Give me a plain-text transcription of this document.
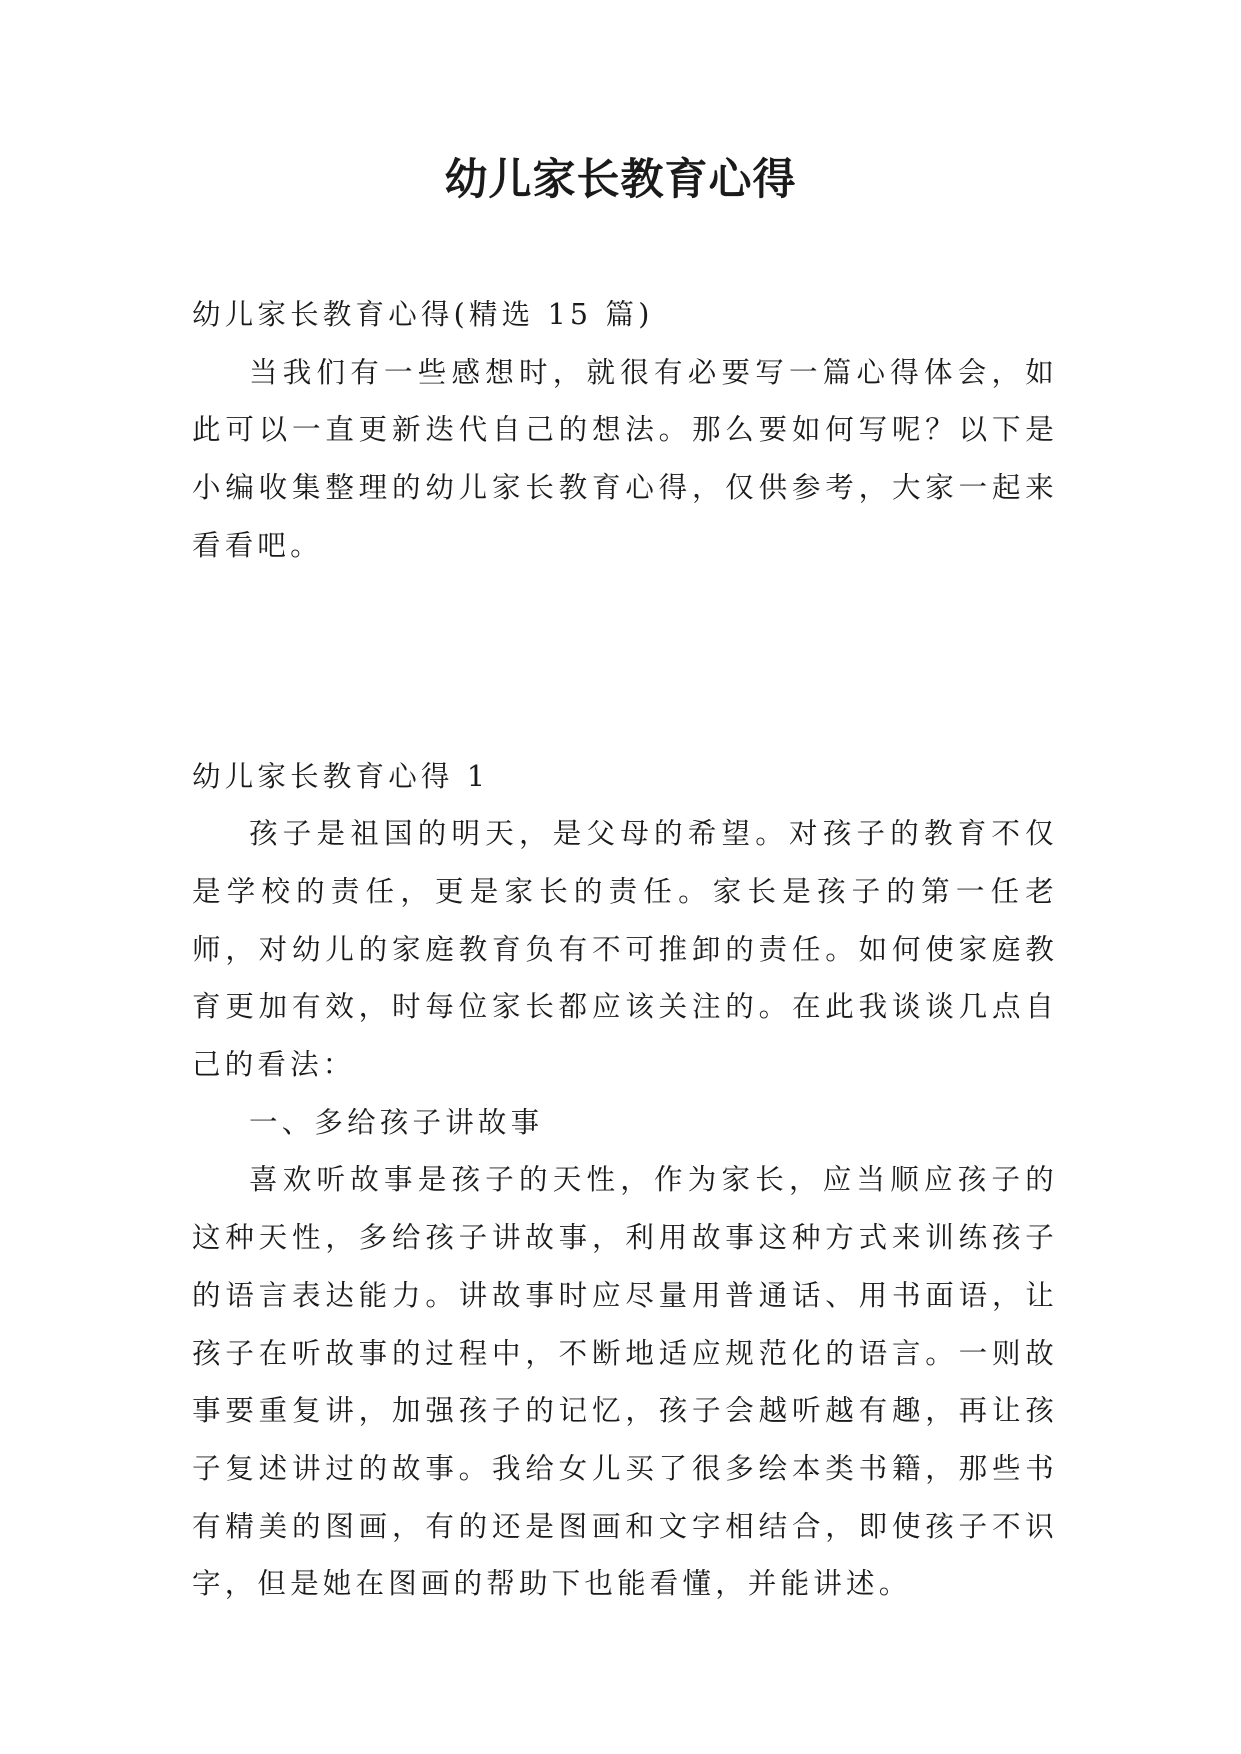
幼儿家长教育心得

幼儿家长教育心得(精选 15 篇)

当我们有一些感想时，就很有必要写一篇心得体会，如此可以一直更新迭代自己的想法。那么要如何写呢？以下是小编收集整理的幼儿家长教育心得，仅供参考，大家一起来看看吧。

幼儿家长教育心得 1

孩子是祖国的明天，是父母的希望。对孩子的教育不仅是学校的责任，更是家长的责任。家长是孩子的第一任老师，对幼儿的家庭教育负有不可推卸的责任。如何使家庭教育更加有效，时每位家长都应该关注的。在此我谈谈几点自己的看法：

一、多给孩子讲故事

喜欢听故事是孩子的天性，作为家长，应当顺应孩子的这种天性，多给孩子讲故事，利用故事这种方式来训练孩子的语言表达能力。讲故事时应尽量用普通话、用书面语，让孩子在听故事的过程中，不断地适应规范化的语言。一则故事要重复讲，加强孩子的记忆，孩子会越听越有趣，再让孩子复述讲过的故事。我给女儿买了很多绘本类书籍，那些书有精美的图画，有的还是图画和文字相结合，即使孩子不识字，但是她在图画的帮助下也能看懂，并能讲述。
